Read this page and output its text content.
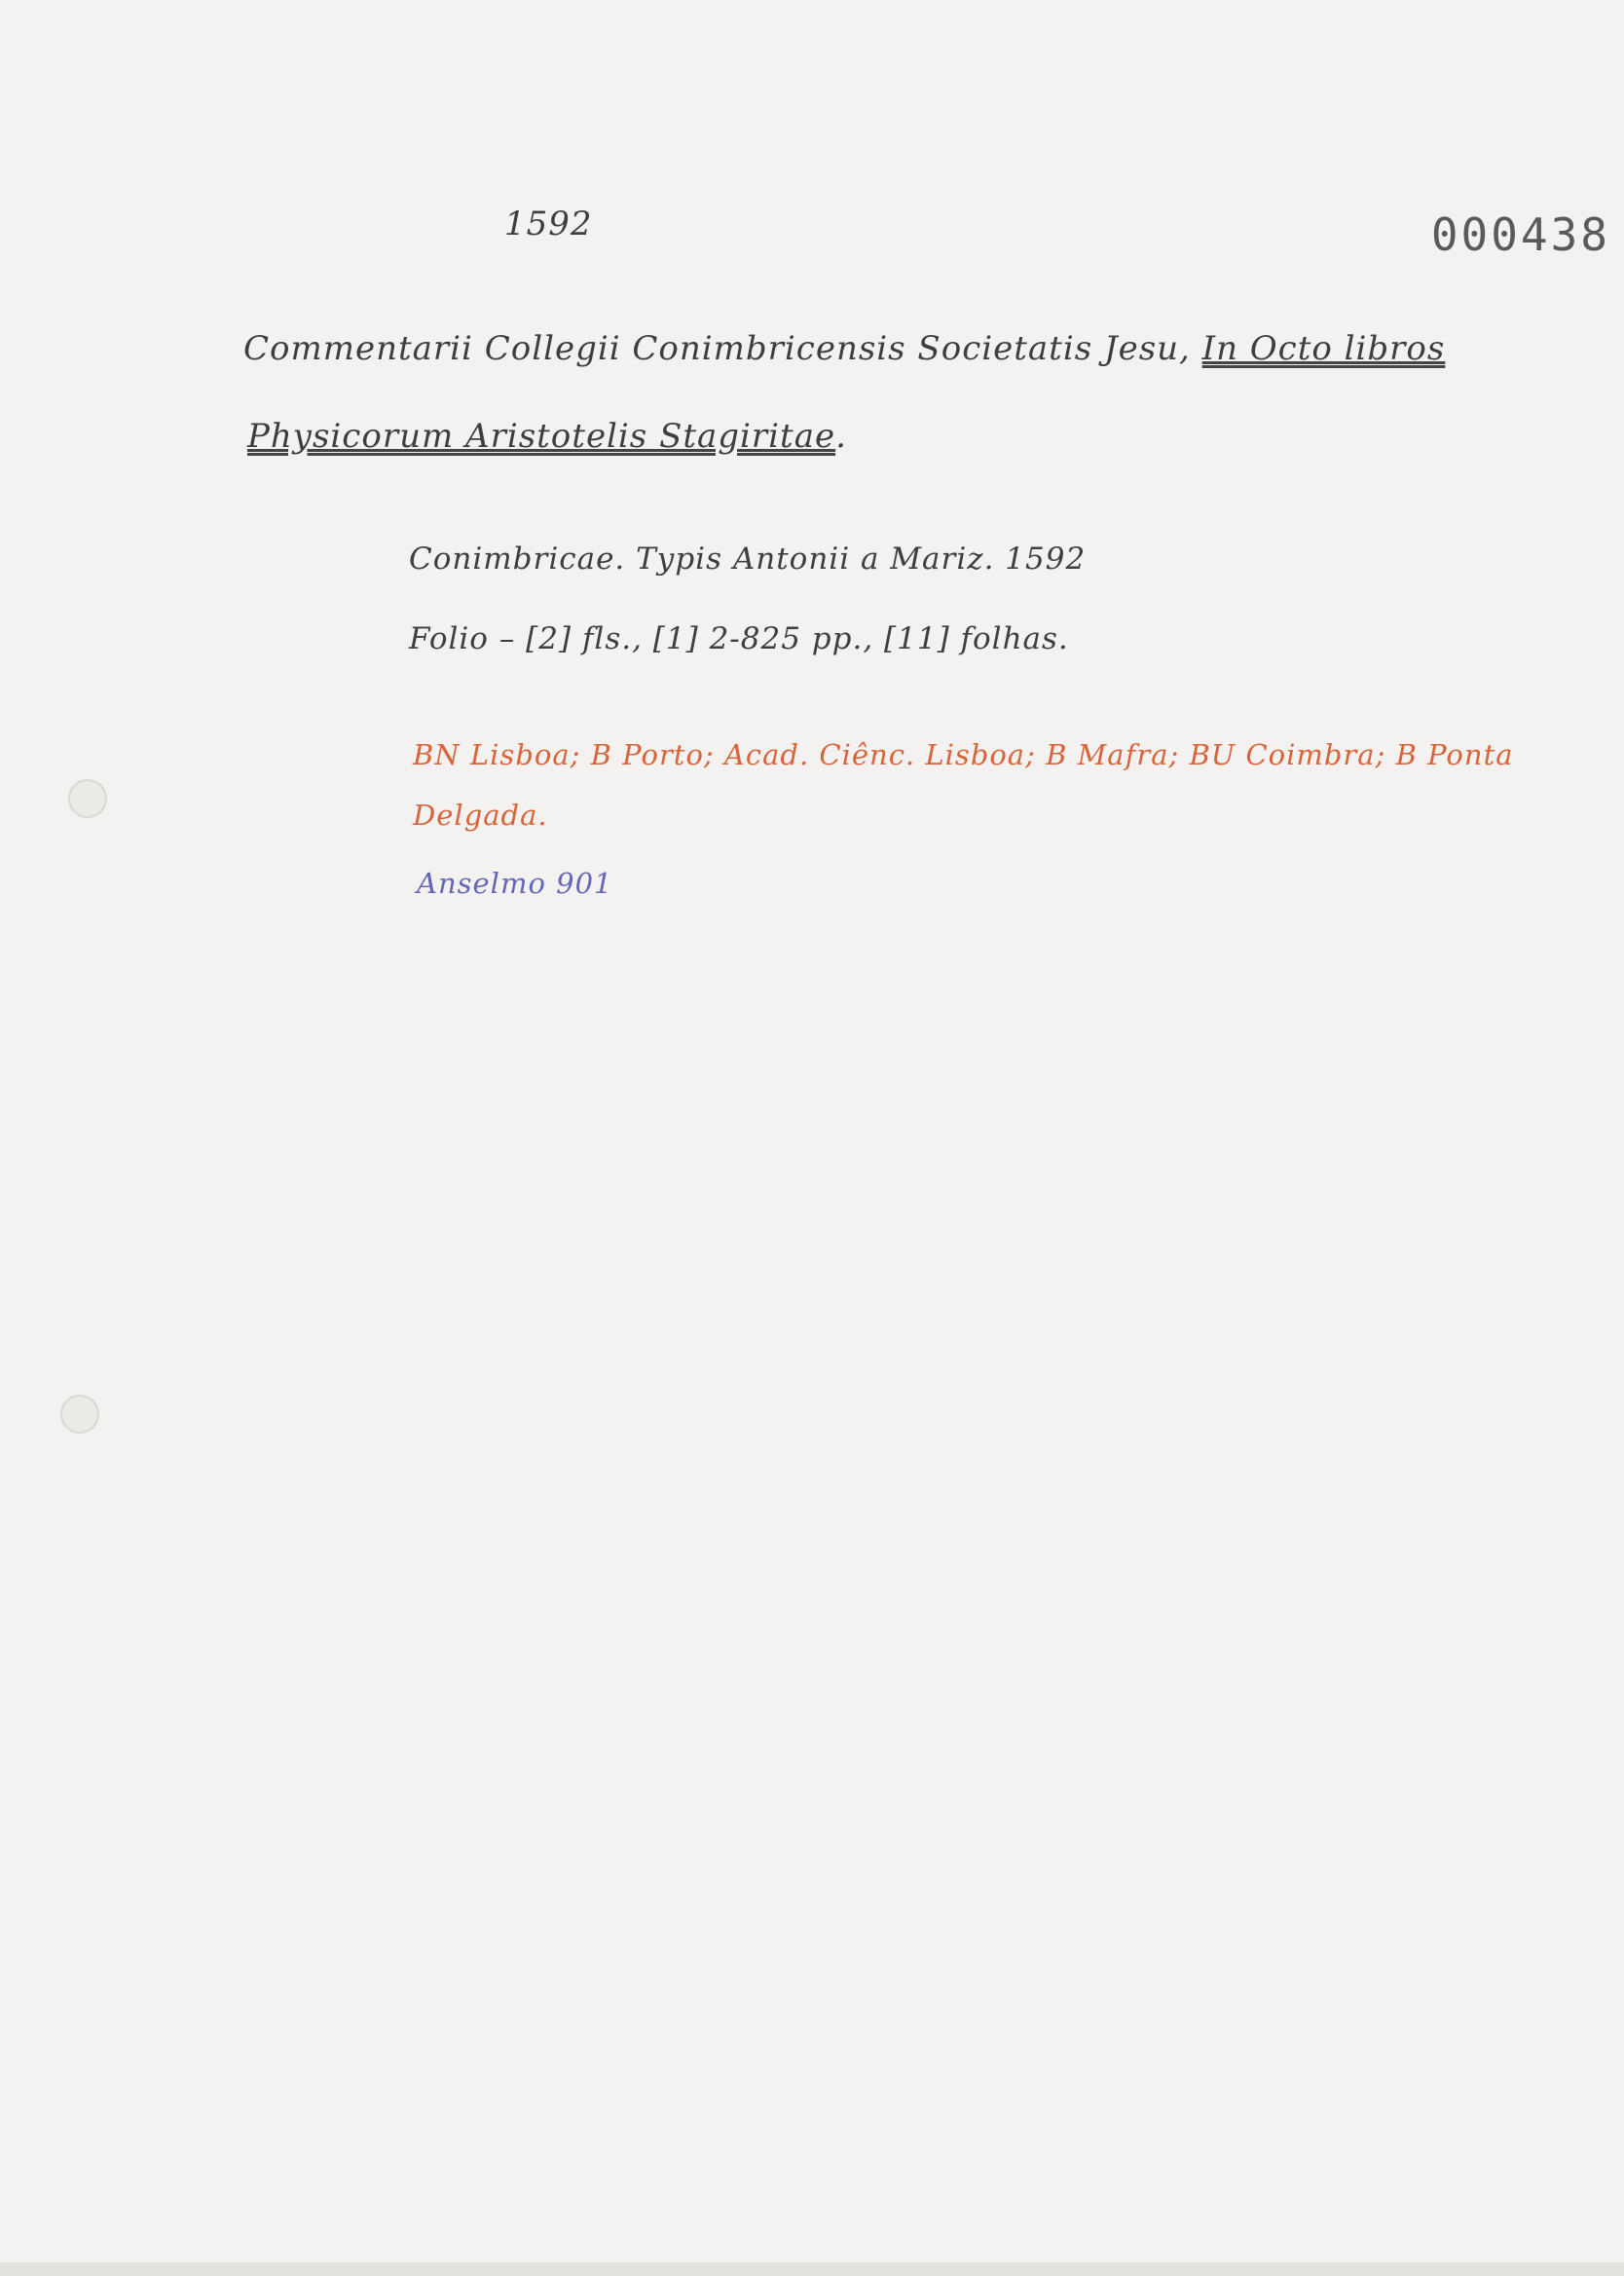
1592	000438
Commentarii Collegii Conimbricensis Societatis Jesu, In Octo libros
Physicorum Aristotelis Stagiritae.
Conimbricae. Typis Antonii a Mariz. 1592
Folio – [2] fls., [1] 2-825 pp., [11] folhas.
BN Lisboa; B Porto; Acad. Ciênc. Lisboa; B Mafra; BU Coimbra; B Ponta
Delgada.
Anselmo 901
